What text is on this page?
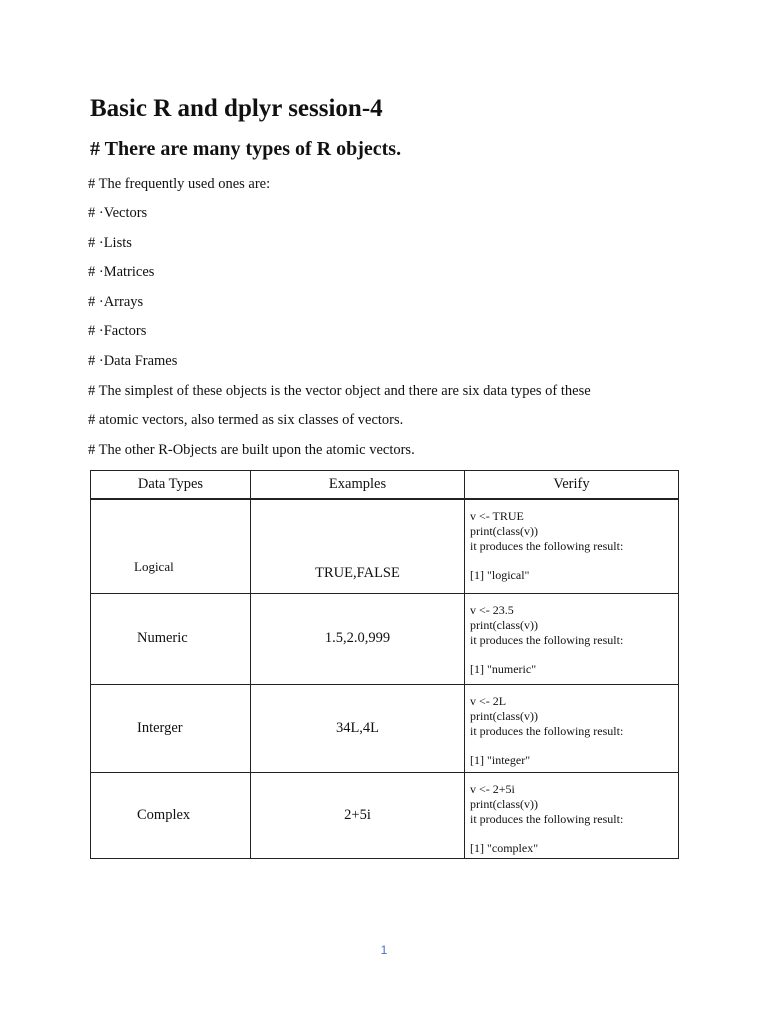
Basic R and dplyr session-4
# There are many types of R objects.

# The frequently used ones are:

# ·Vectors

# ·Lists

# ·Matrices

# ·Arrays

# ·Factors

# ·Data Frames

# The simplest of these objects is the vector object and there are six data types of these

# atomic vectors, also termed as six classes of vectors.

# The other R-Objects are built upon the atomic vectors.

Data Types	Examples	Verify
Logical	TRUE,FALSE	v <- TRUE
print(class(v))
it produces the following result:
[1] "logical"

Numeric	1.5,2.0,999	v <- 23.5
print(class(v))
it produces the following result:
[1] "numeric"

Interger	34L,4L	v <- 2L
print(class(v))
it produces the following result:
[1] "integer"

Complex	2+5i	v <- 2+5i
print(class(v))
it produces the following result:
[1] "complex"
1
